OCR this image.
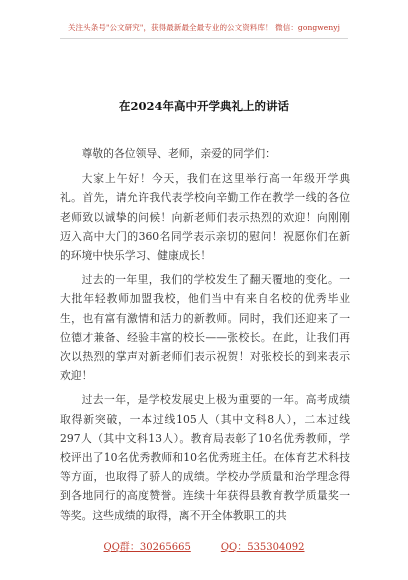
关注头条号"公文研究"，获得最新最全最专业的公文资料库！ 微信：gongwenyj
在2024年高中开学典礼上的讲话

尊敬的各位领导、老师，亲爱的同学们：

大家上午好！今天，我们在这里举行高一年级开学典礼。首先，请允许我代表学校向辛勤工作在教学一线的各位老师致以诚挚的问候！向新老师们表示热烈的欢迎！向刚刚迈入高中大门的360名同学表示亲切的慰问！祝愿你们在新的环境中快乐学习、健康成长！

过去的一年里，我们的学校发生了翻天覆地的变化。一大批年轻教师加盟我校，他们当中有来自名校的优秀毕业生，也有富有激情和活力的新教师。同时，我们还迎来了一位德才兼备、经验丰富的校长——张校长。在此，让我们再次以热烈的掌声对新老师们表示祝贺！对张校长的到来表示欢迎！

过去一年，是学校发展史上极为重要的一年。高考成绩取得新突破，一本过线105人（其中文科8人），二本过线297人（其中文科13人）。教育局表彰了10名优秀教师，学校评出了10名优秀教师和10名优秀班主任。在体育艺术科技等方面，也取得了骄人的成绩。学校办学质量和治学理念得到各地同行的高度赞誉。连续十年获得县教育教学质量奖一等奖。这些成绩的取得，离不开全体教职工的共

QQ群：30265665	QQ：535304092
